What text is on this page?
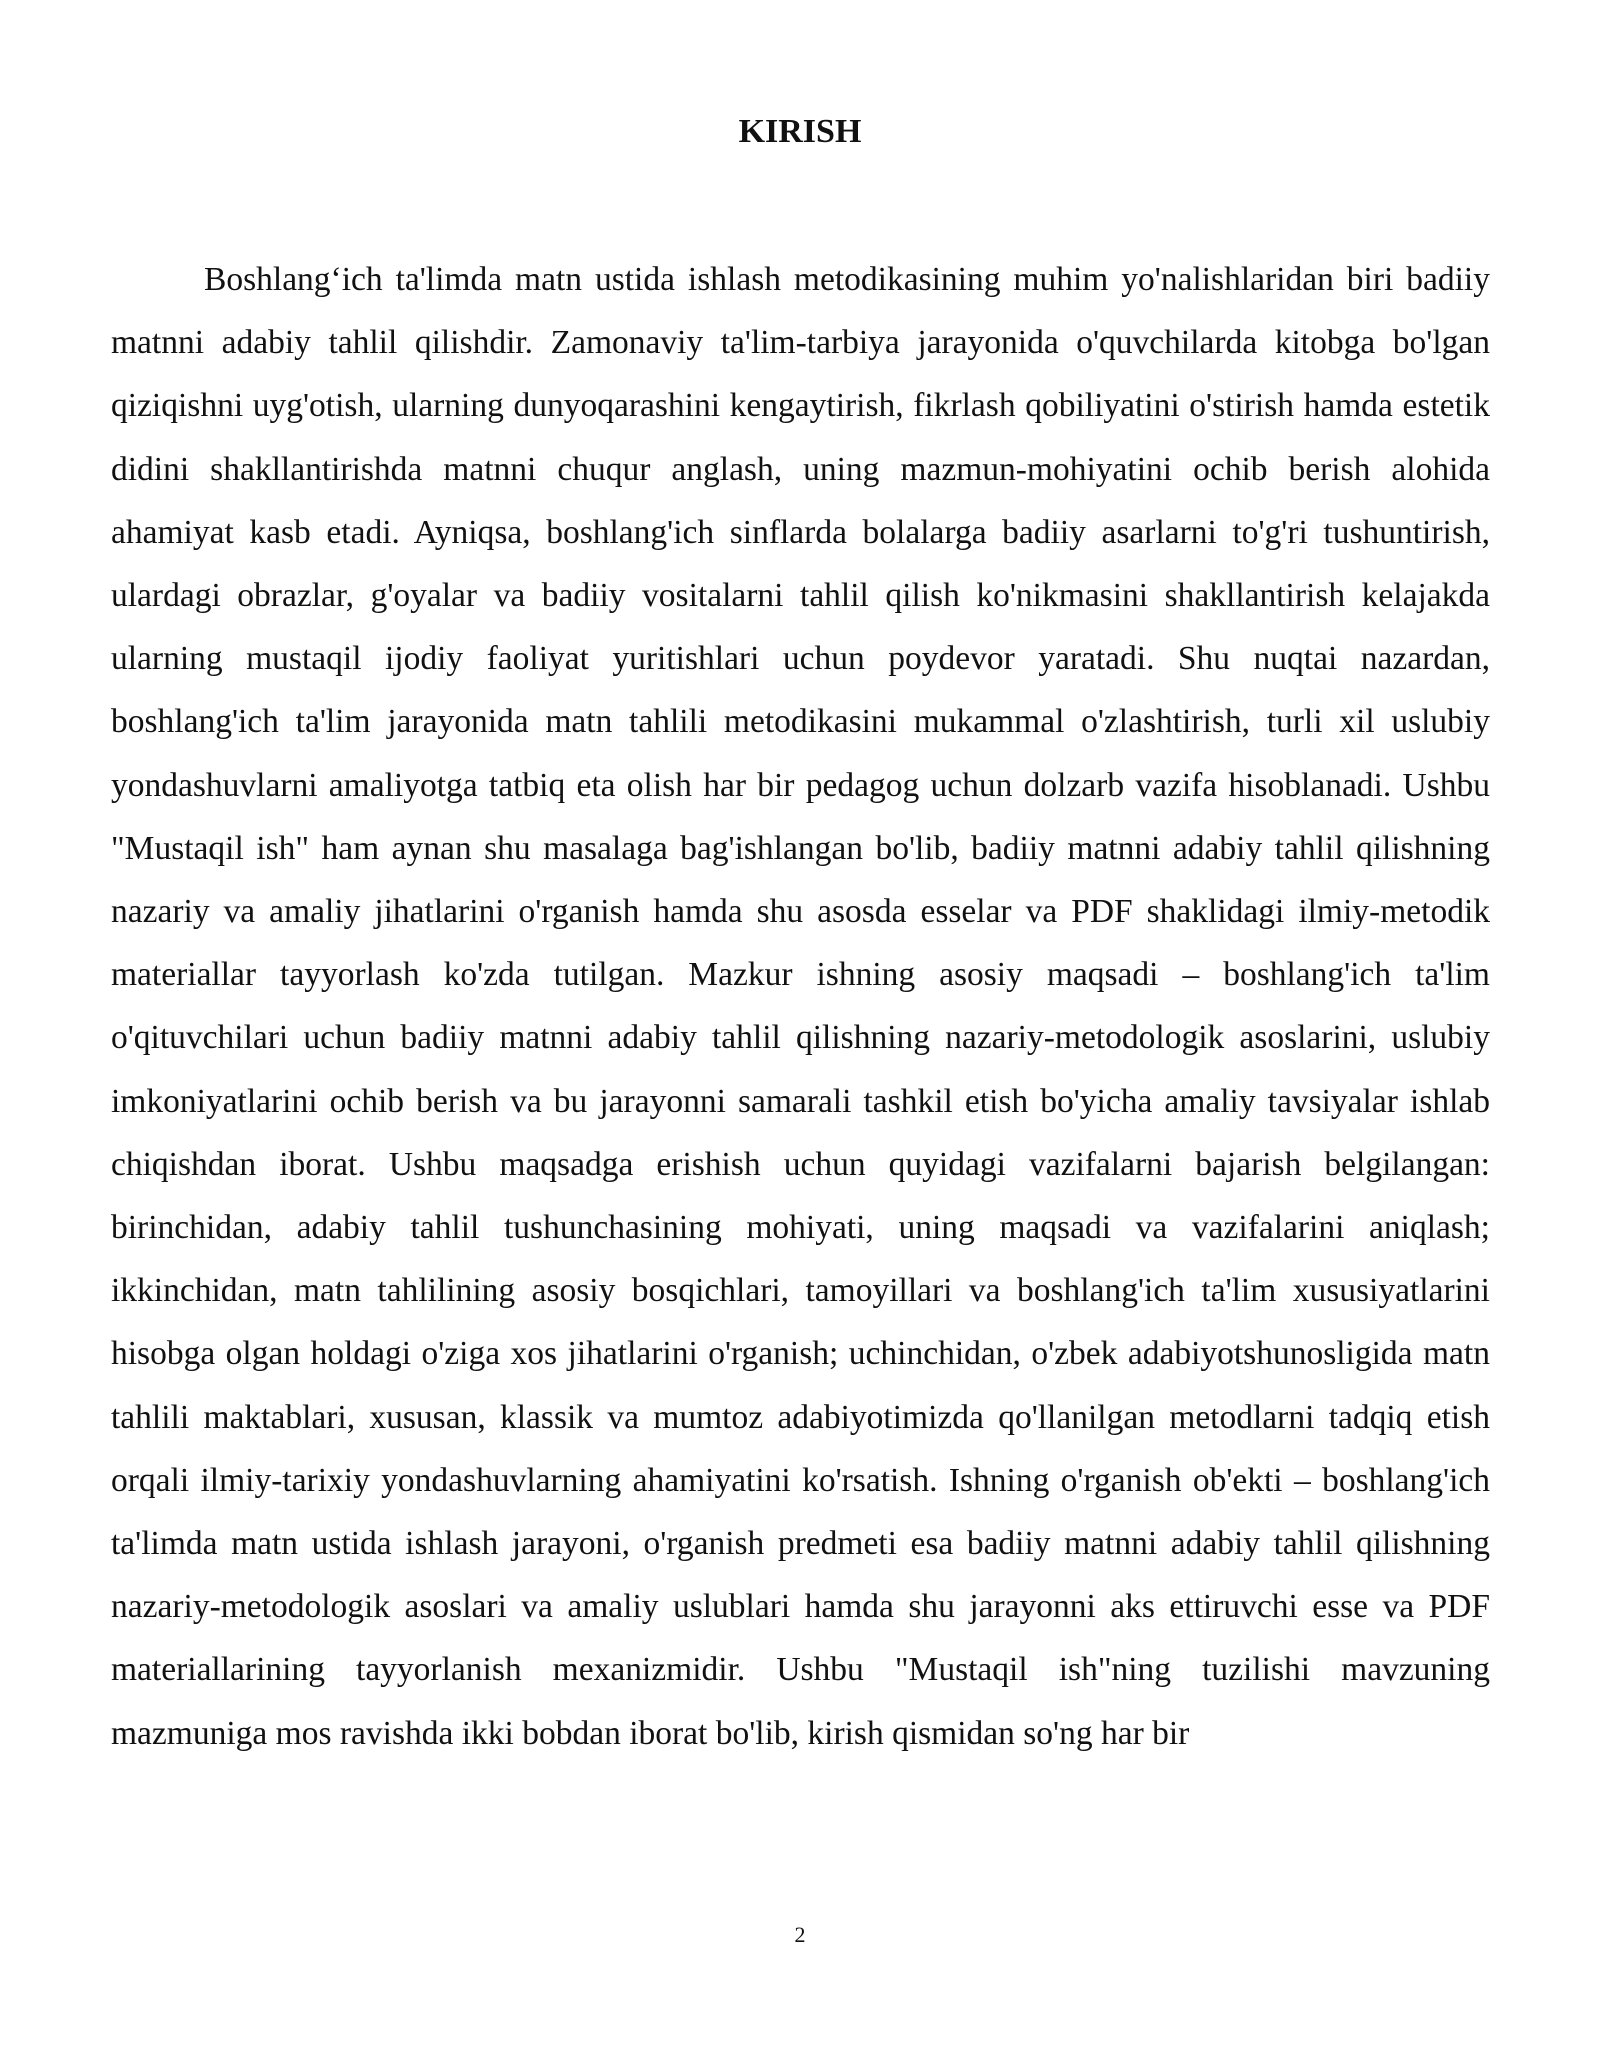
KIRISH

Boshlang‘ich ta'limda matn ustida ishlash metodikasining muhim yo'nalishlaridan biri badiiy matnni adabiy tahlil qilishdir. Zamonaviy ta'lim-tarbiya jarayonida o'quvchilarda kitobga bo'lgan qiziqishni uyg'otish, ularning dunyoqarashini kengaytirish, fikrlash qobiliyatini o'stirish hamda estetik didini shakllantirishda matnni chuqur anglash, uning mazmun-mohiyatini ochib berish alohida ahamiyat kasb etadi. Ayniqsa, boshlang'ich sinflarda bolalarga badiiy asarlarni to'g'ri tushuntirish, ulardagi obrazlar, g'oyalar va badiiy vositalarni tahlil qilish ko'nikmasini shakllantirish kelajakda ularning mustaqil ijodiy faoliyat yuritishlari uchun poydevor yaratadi. Shu nuqtai nazardan, boshlang'ich ta'lim jarayonida matn tahlili metodikasini mukammal o'zlashtirish, turli xil uslubiy yondashuvlarni amaliyotga tatbiq eta olish har bir pedagog uchun dolzarb vazifa hisoblanadi. Ushbu "Mustaqil ish" ham aynan shu masalaga bag'ishlangan bo'lib, badiiy matnni adabiy tahlil qilishning nazariy va amaliy jihatlarini o'rganish hamda shu asosda esselar va PDF shaklidagi ilmiy-metodik materiallar tayyorlash ko'zda tutilgan. Mazkur ishning asosiy maqsadi – boshlang'ich ta'lim o'qituvchilari uchun badiiy matnni adabiy tahlil qilishning nazariy-metodologik asoslarini, uslubiy imkoniyatlarini ochib berish va bu jarayonni samarali tashkil etish bo'yicha amaliy tavsiyalar ishlab chiqishdan iborat. Ushbu maqsadga erishish uchun quyidagi vazifalarni bajarish belgilangan: birinchidan, adabiy tahlil tushunchasining mohiyati, uning maqsadi va vazifalarini aniqlash; ikkinchidan, matn tahlilining asosiy bosqichlari, tamoyillari va boshlang'ich ta'lim xususiyatlarini hisobga olgan holdagi o'ziga xos jihatlarini o'rganish; uchinchidan, o'zbek adabiyotshunosligida matn tahlili maktablari, xususan, klassik va mumtoz adabiyotimizda qo'llanilgan metodlarni tadqiq etish orqali ilmiy-tarixiy yondashuvlarning ahamiyatini ko'rsatish. Ishning o'rganish ob'ekti – boshlang'ich ta'limda matn ustida ishlash jarayoni, o'rganish predmeti esa badiiy matnni adabiy tahlil qilishning nazariy-metodologik asoslari va amaliy uslublari hamda shu jarayonni aks ettiruvchi esse va PDF materiallarining tayyorlanish mexanizmidir. Ushbu "Mustaqil ish"ning tuzilishi mavzuning mazmuniga mos ravishda ikki bobdan iborat bo'lib, kirish qismidan so'ng har bir

2
